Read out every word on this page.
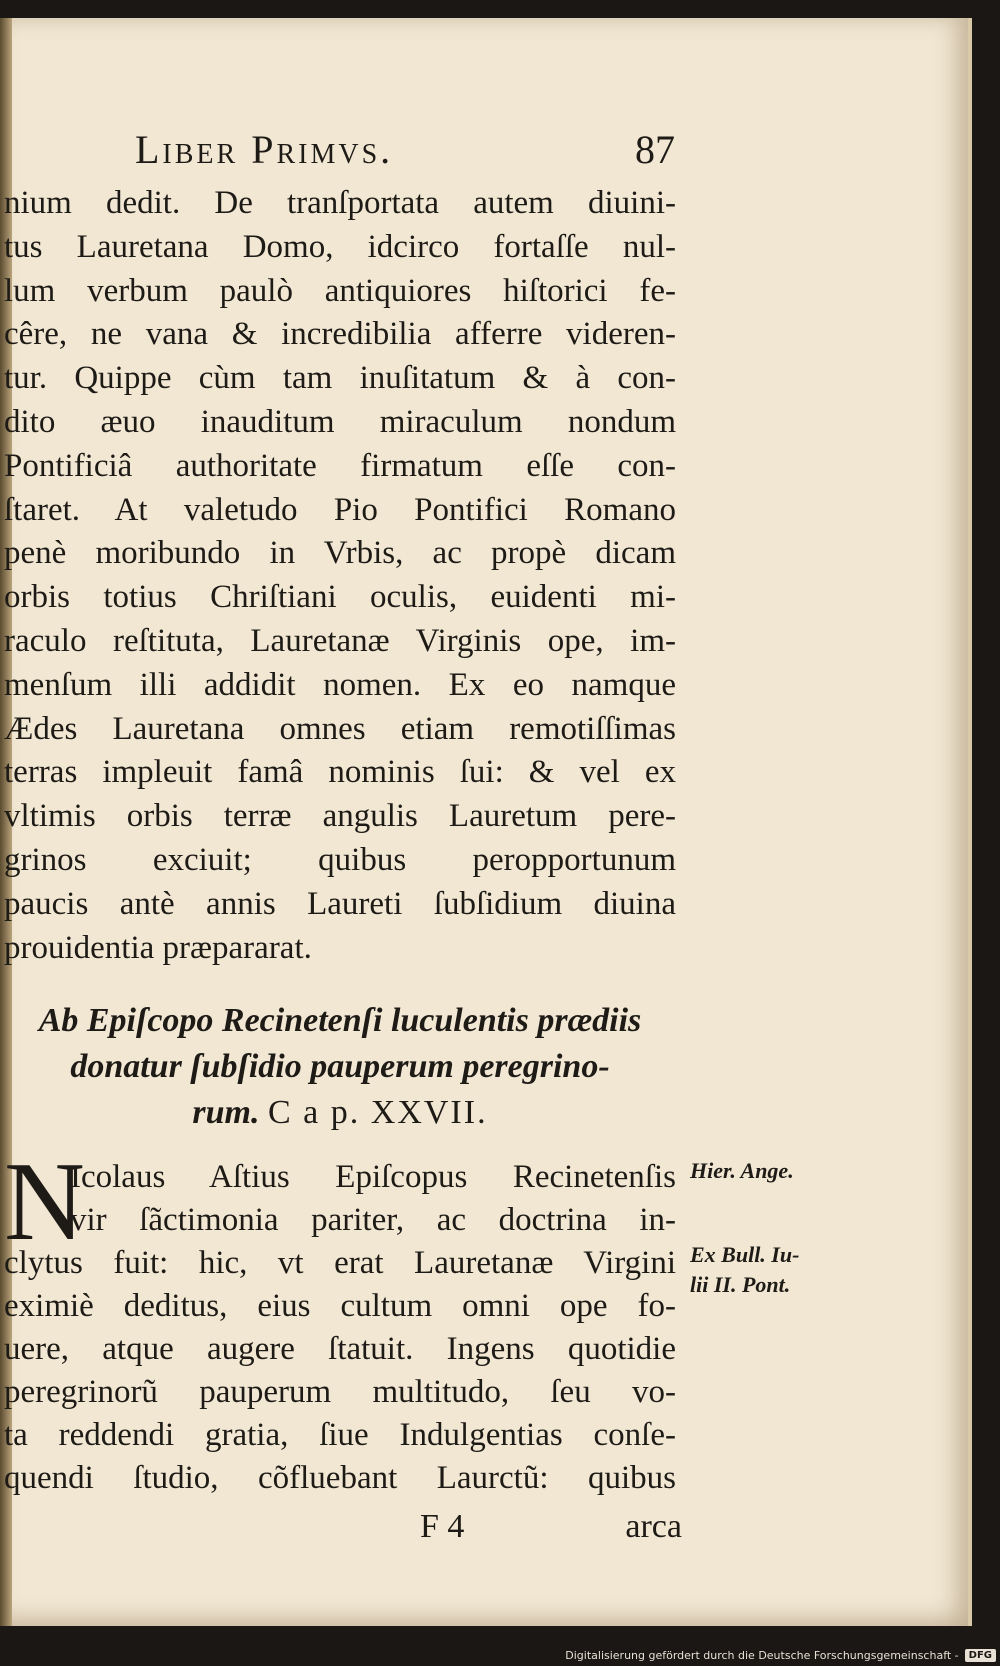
Liber Primvs.	87
nium dedit. De tranſportata autem diuini-
tus Lauretana Domo, idcirco fortaſſe nul-
lum verbum paulò antiquiores hiſtorici fe-
cêre, ne vana & incredibilia afferre videren-
tur. Quippe cùm tam inuſitatum & à con-
dito æuo inauditum miraculum nondum
Pontificiâ authoritate firmatum eſſe con-
ſtaret. At valetudo Pio Pontifici Romano
penè moribundo in Vrbis, ac propè dicam
orbis totius Chriſtiani oculis, euidenti mi-
raculo reſtituta, Lauretanæ Virginis ope, im-
menſum illi addidit nomen. Ex eo namque
Ædes Lauretana omnes etiam remotiſſimas
terras impleuit famâ nominis ſui: & vel ex
vltimis orbis terræ angulis Lauretum pere-
grinos exciuit; quibus peropportunum
paucis antè annis Laureti ſubſidium diuina
prouidentia præpararat.
Ab Epiſcopo Recinetenſi luculentis prædiis
donatur ſubſidio pauperum peregrino-
rum. C a p. XXVII.
N
Icolaus Aſtius Epiſcopus Recinetenſis
vir ſãctimonia pariter, ac doctrina in-
clytus fuit: hic, vt erat Lauretanæ Virgini
eximiè deditus, eius cultum omni ope fo-
uere, atque augere ſtatuit. Ingens quotidie
peregrinorũ pauperum multitudo, ſeu vo-
ta reddendi gratia, ſiue Indulgentias conſe-
quendi ſtudio, cõfluebant Laurctũ: quibus
F 4	arca
Hier. Ange.
Ex Bull. Iu-
lii II. Pont.
Digitalisierung gefördert durch die Deutsche Forschungsgemeinschaft -	DFG
